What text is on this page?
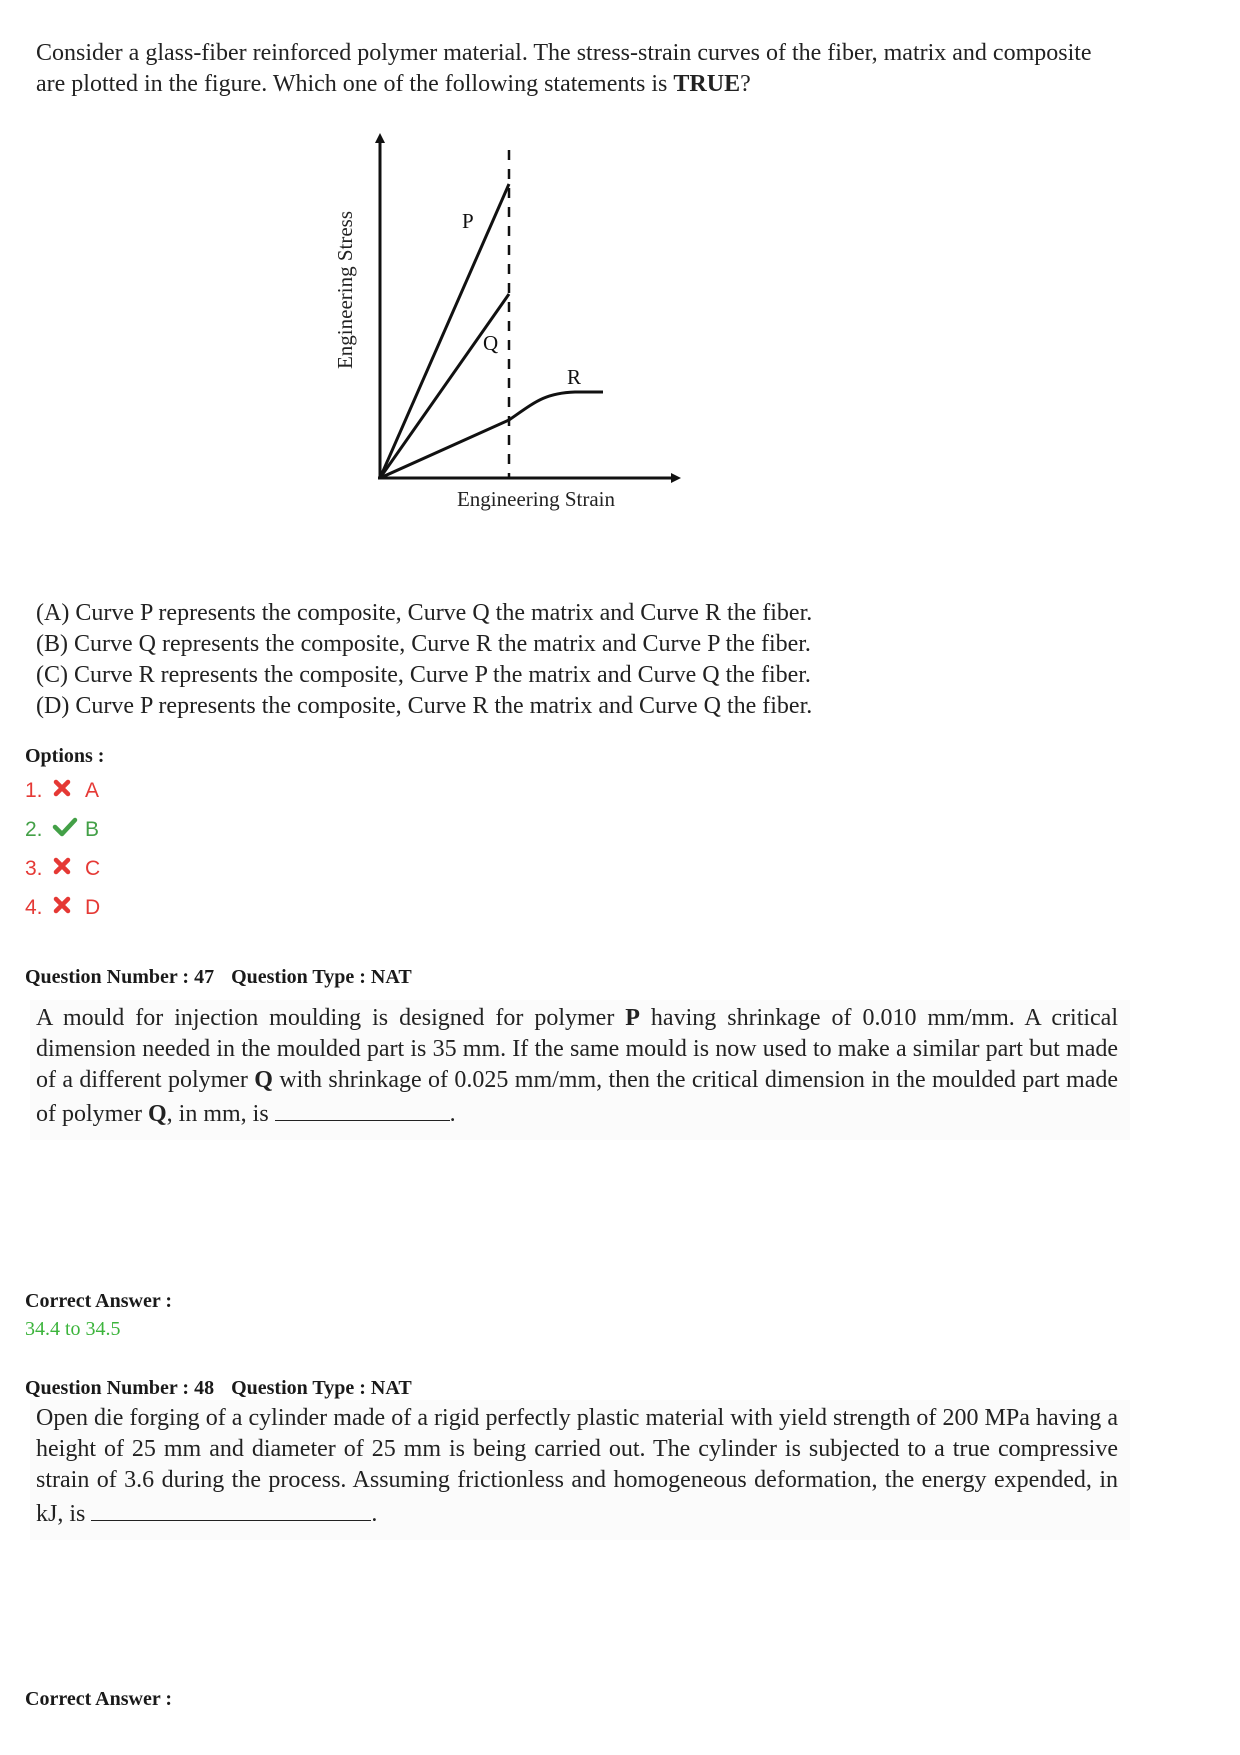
Consider a glass-fiber reinforced polymer material. The stress-strain curves of the fiber, matrix and composite are plotted in the figure. Which one of the following statements is TRUE?
P
Q
R
Engineering Stress
Engineering Strain
(A) Curve P represents the composite, Curve Q the matrix and Curve R the fiber.
(B) Curve Q represents the composite, Curve R the matrix and Curve P the fiber.
(C) Curve R represents the composite, Curve P the matrix and Curve Q the fiber.
(D) Curve P represents the composite, Curve R the matrix and Curve Q the fiber.
Options :
1.	A
2.	B
3.	C
4.	D
Question Number : 47 Question Type : NAT
A mould for injection moulding is designed for polymer P having shrinkage of 0.010 mm/mm. A critical dimension needed in the moulded part is 35 mm. If the same mould is now used to make a similar part but made of a different polymer Q with shrinkage of 0.025 mm/mm, then the critical dimension in the moulded part made of polymer Q, in mm, is	.
Correct Answer :
34.4 to 34.5
Question Number : 48 Question Type : NAT
Open die forging of a cylinder made of a rigid perfectly plastic material with yield strength of 200 MPa having a height of 25 mm and diameter of 25 mm is being carried out. The cylinder is subjected to a true compressive strain of 3.6 during the process. Assuming frictionless and homogeneous deformation, the energy expended, in kJ, is	.
Correct Answer :
